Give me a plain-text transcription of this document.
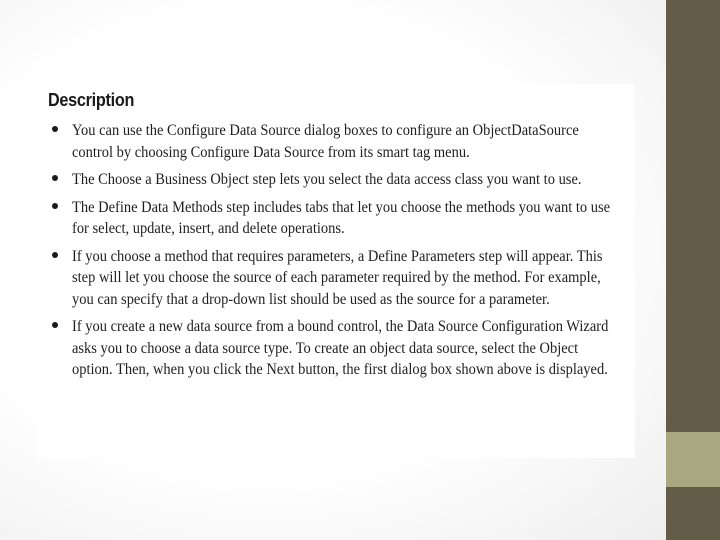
Description
You can use the Configure Data Source dialog boxes to configure an ObjectDataSource control by choosing Configure Data Source from its smart tag menu.
The Choose a Business Object step lets you select the data access class you want to use.
The Define Data Methods step includes tabs that let you choose the methods you want to use for select, update, insert, and delete operations.
If you choose a method that requires parameters, a Define Parameters step will appear. This step will let you choose the source of each parameter required by the method. For example, you can specify that a drop-down list should be used as the source for a parameter.
If you create a new data source from a bound control, the Data Source Configuration Wizard asks you to choose a data source type. To create an object data source, select the Object option. Then, when you click the Next button, the first dialog box shown above is displayed.
